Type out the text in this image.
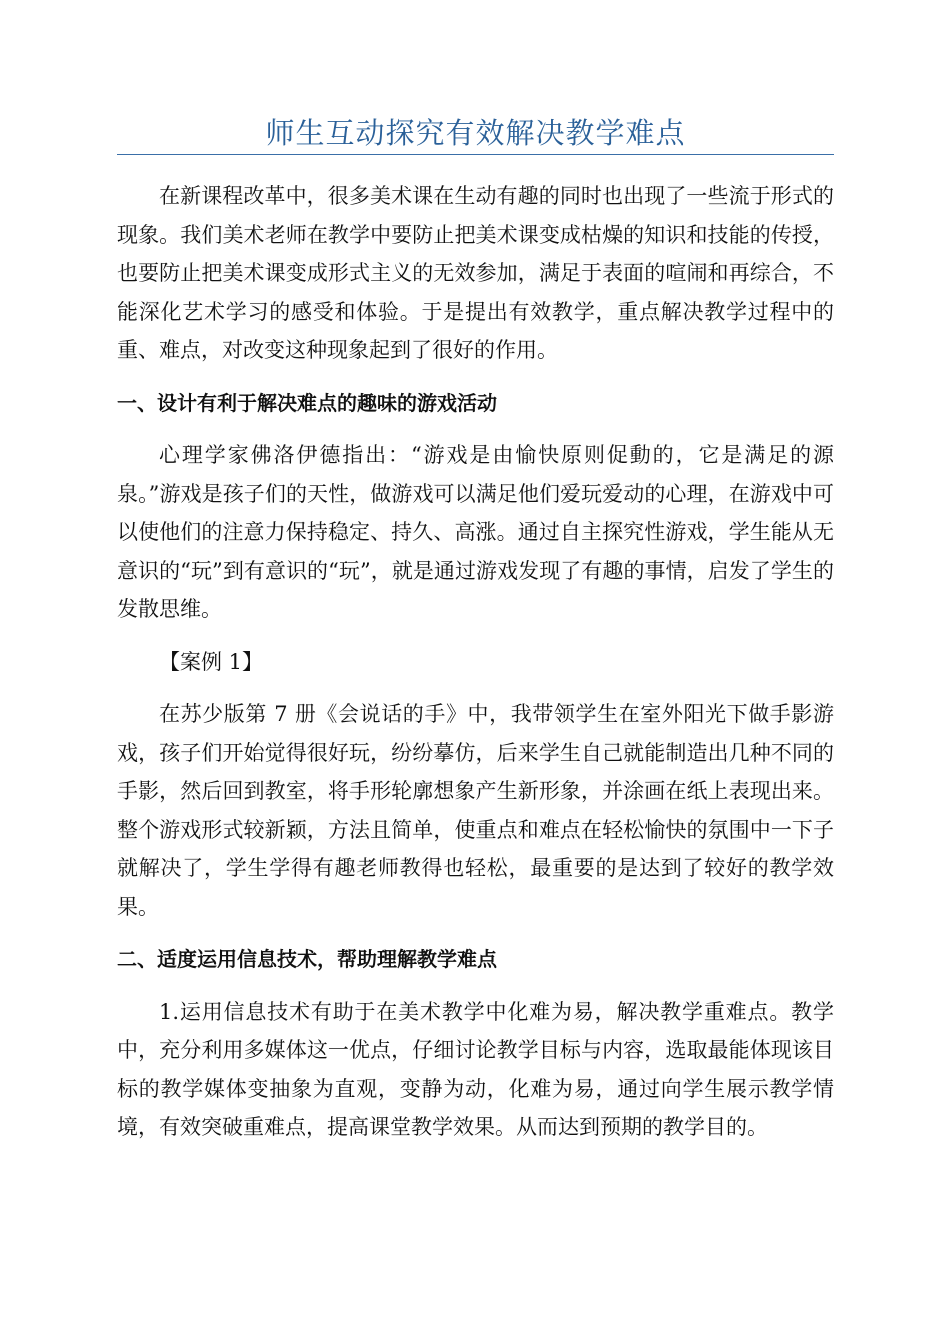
师生互动探究有效解决教学难点

在新课程改革中，很多美术课在生动有趣的同时也出现了一些流于形式的现象。我们美术老师在教学中要防止把美术课变成枯燥的知识和技能的传授，也要防止把美术课变成形式主义的无效参加，满足于表面的喧闹和再综合，不能深化艺术学习的感受和体验。于是提出有效教学，重点解决教学过程中的重、难点，对改变这种现象起到了很好的作用。

一、设计有利于解决难点的趣味的游戏活动

心理学家佛洛伊德指出：“游戏是由愉快原则促動的，它是满足的源泉。”游戏是孩子们的天性，做游戏可以满足他们爱玩爱动的心理，在游戏中可以使他们的注意力保持稳定、持久、高涨。通过自主探究性游戏，学生能从无意识的“玩”到有意识的“玩”，就是通过游戏发现了有趣的事情，启发了学生的发散思维。

【案例 1】

在苏少版第 7 册《会说话的手》中，我带领学生在室外阳光下做手影游戏，孩子们开始觉得很好玩，纷纷摹仿，后来学生自己就能制造出几种不同的手影，然后回到教室，将手形轮廓想象产生新形象，并涂画在纸上表现出来。整个游戏形式较新颖，方法且简单，使重点和难点在轻松愉快的氛围中一下子就解决了，学生学得有趣老师教得也轻松，最重要的是达到了较好的教学效果。

二、适度运用信息技术，帮助理解教学难点

1.运用信息技术有助于在美术教学中化难为易，解决教学重难点。教学中，充分利用多媒体这一优点，仔细讨论教学目标与内容，选取最能体现该目标的教学媒体变抽象为直观，变静为动，化难为易，通过向学生展示教学情境，有效突破重难点，提高课堂教学效果。从而达到预期的教学目的。
